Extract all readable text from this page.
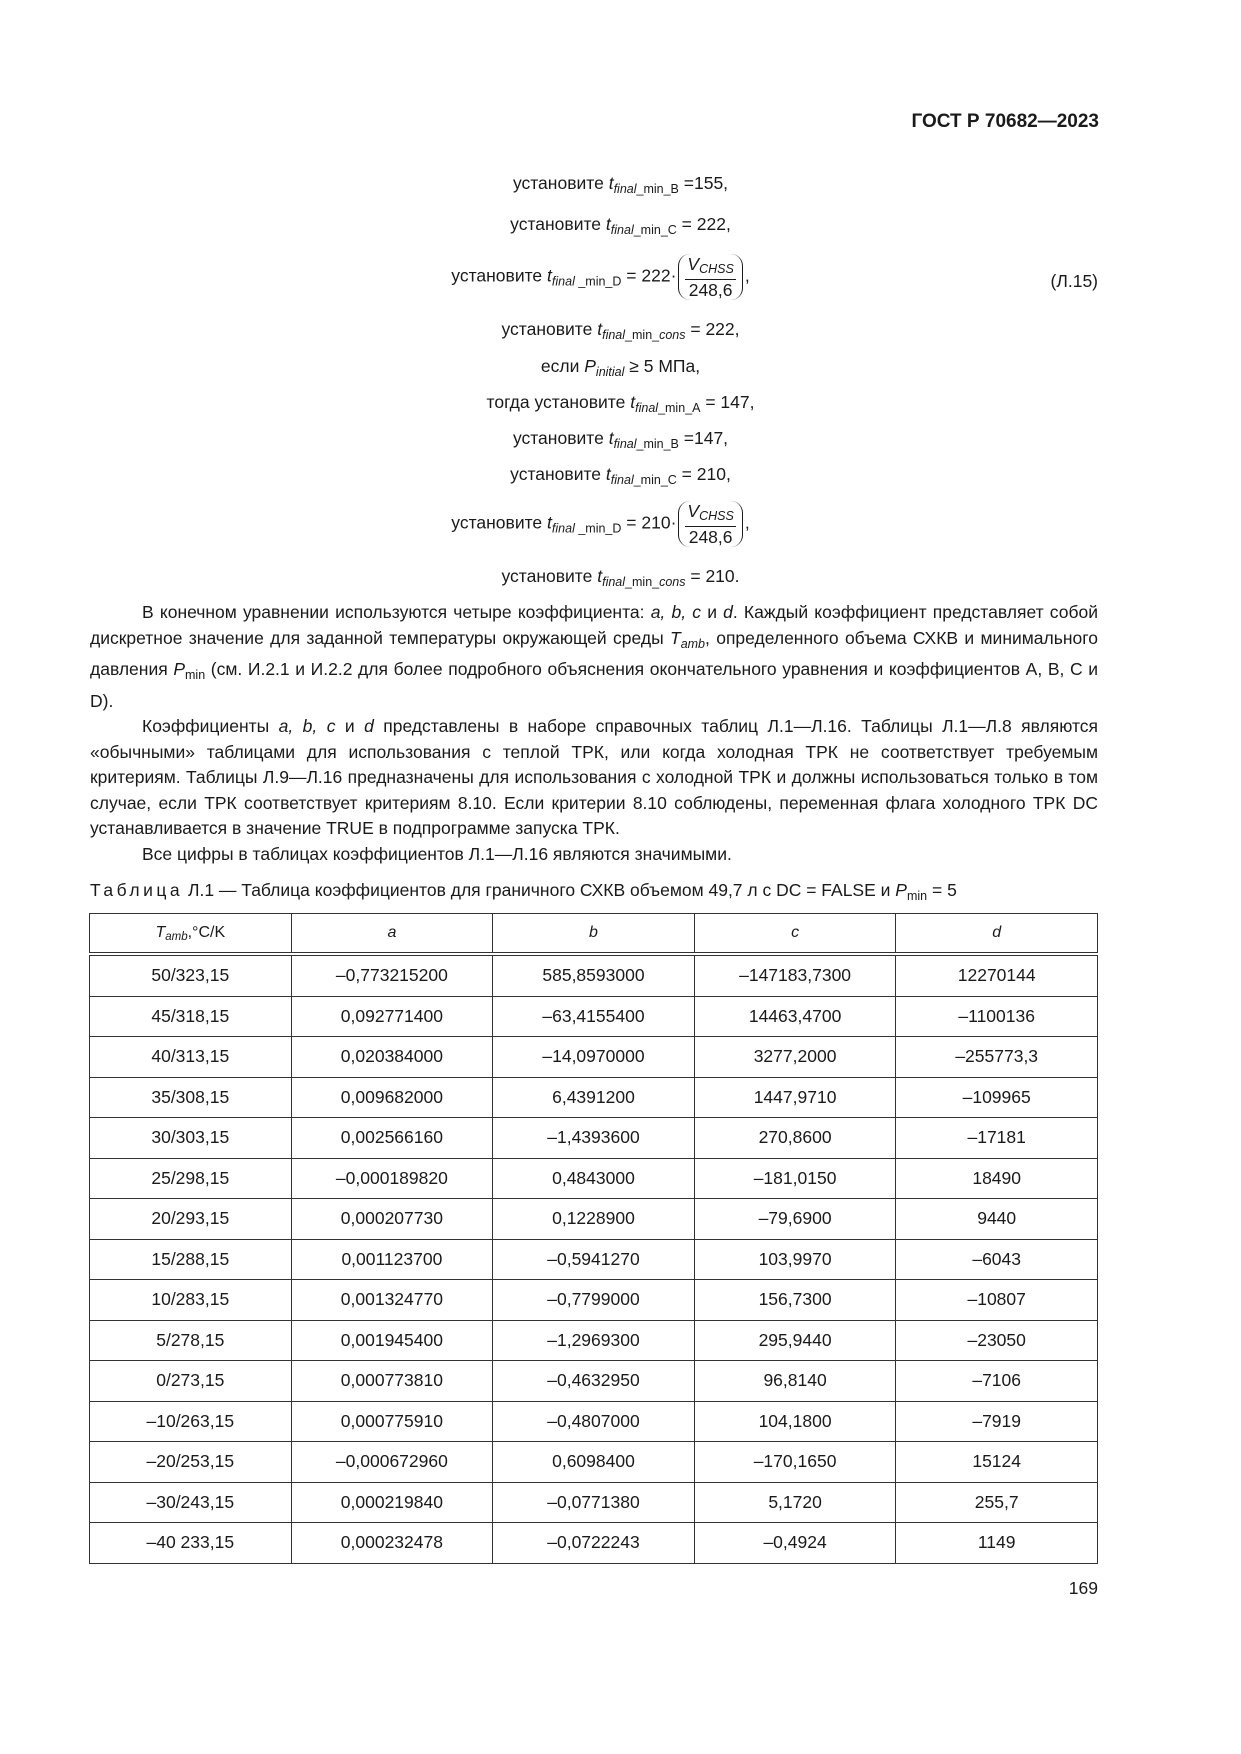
ГОСТ Р 70682—2023
установите $t_{final\_min\_B} =155$,
установите $t_{final\_min\_C} = 222$,
установите $t_{final \_min\_D} = 222\cdot \frac{V_{CHSS}}{248,6}$ ,	(Л.15)
установите $t_{final\_min\_cons} = 222$,
если $P_{initial} \ge 5$ МПа,
тогда установите $t_{final\_min\_A} = 147$,
установите $t_{final\_min\_B} =147$,
установите $t_{final\_min\_C} = 210$,
установите $t_{final \_min\_D} = 210\cdot \frac{V_{CHSS}}{248,6}$ ,
установите $t_{final\_min\_cons} = 210$.

В конечном уравнении используются четыре коэффициента: a, b, c и d. Каждый коэффициент представляет собой дискретное значение для заданной температуры окружающей среды $T_{amb}$, определенного объема СХКВ и минимального давления $P_{min}$ (см. И.2.1 и И.2.2 для более подробного объяснения окончательного уравнения и коэффициентов A, B, C и D).

Коэффициенты a, b, c и d представлены в наборе справочных таблиц Л.1—Л.16. Таблицы Л.1—Л.8 являются «обычными» таблицами для использования с теплой ТРК, или когда холодная ТРК не соответствует требуемым критериям. Таблицы Л.9—Л.16 предназначены для использования с холодной ТРК и должны использоваться только в том случае, если ТРК соответствует критериям 8.10. Если критерии 8.10 соблюдены, переменная флага холодного ТРК DC устанавливается в значение TRUE в подпрограмме запуска ТРК.

Все цифры в таблицах коэффициентов Л.1—Л.16 являются значимыми.

Таблица Л.1 — Таблица коэффициентов для граничного СХКВ объемом 49,7 л с DC = FALSE и $P_{min} = 5$
$T_{amb},^\circ C/K$	a	b	c	d
50/323,15	–0,773215200	585,8593000	–147183,7300	12270144
45/318,15	0,092771400	–63,4155400	14463,4700	–1100136
40/313,15	0,020384000	–14,0970000	3277,2000	–255773,3
35/308,15	0,009682000	6,4391200	1447,9710	–109965
30/303,15	0,002566160	–1,4393600	270,8600	–17181
25/298,15	–0,000189820	0,4843000	–181,0150	18490
20/293,15	0,000207730	0,1228900	–79,6900	9440
15/288,15	0,001123700	–0,5941270	103,9970	–6043
10/283,15	0,001324770	–0,7799000	156,7300	–10807
5/278,15	0,001945400	–1,2969300	295,9440	–23050
0/273,15	0,000773810	–0,4632950	96,8140	–7106
–10/263,15	0,000775910	–0,4807000	104,1800	–7919
–20/253,15	–0,000672960	0,6098400	–170,1650	15124
–30/243,15	0,000219840	–0,0771380	5,1720	255,7
–40 233,15	0,000232478	–0,0722243	–0,4924	1149
169
